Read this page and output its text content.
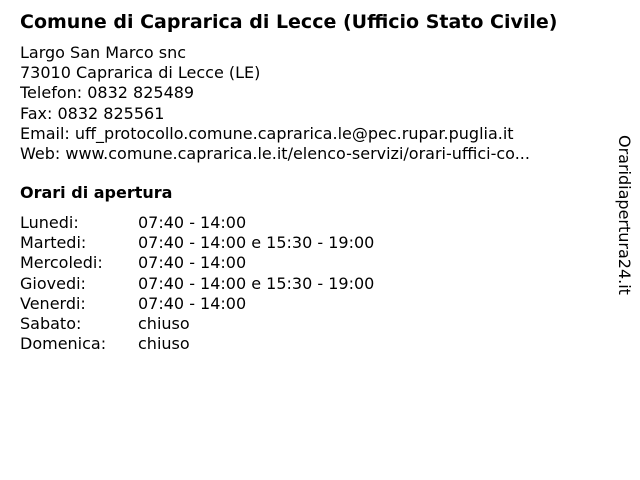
Comune di Caprarica di Lecce (Ufficio Stato Civile)
Largo San Marco snc
73010 Caprarica di Lecce (LE)
Telefon: 0832 825489
Fax: 0832 825561
Email: uff_protocollo.comune.caprarica.le@pec.rupar.puglia.it
Web: www.comune.caprarica.le.it/elenco-servizi/orari-uffici-co...
Orari di apertura
Lunedi:	07:40 - 14:00
Martedi:	07:40 - 14:00 e 15:30 - 19:00
Mercoledi:	07:40 - 14:00
Giovedi:	07:40 - 14:00 e 15:30 - 19:00
Venerdi:	07:40 - 14:00
Sabato:	chiuso
Domenica:	chiuso
Oraridiapertura24.it
